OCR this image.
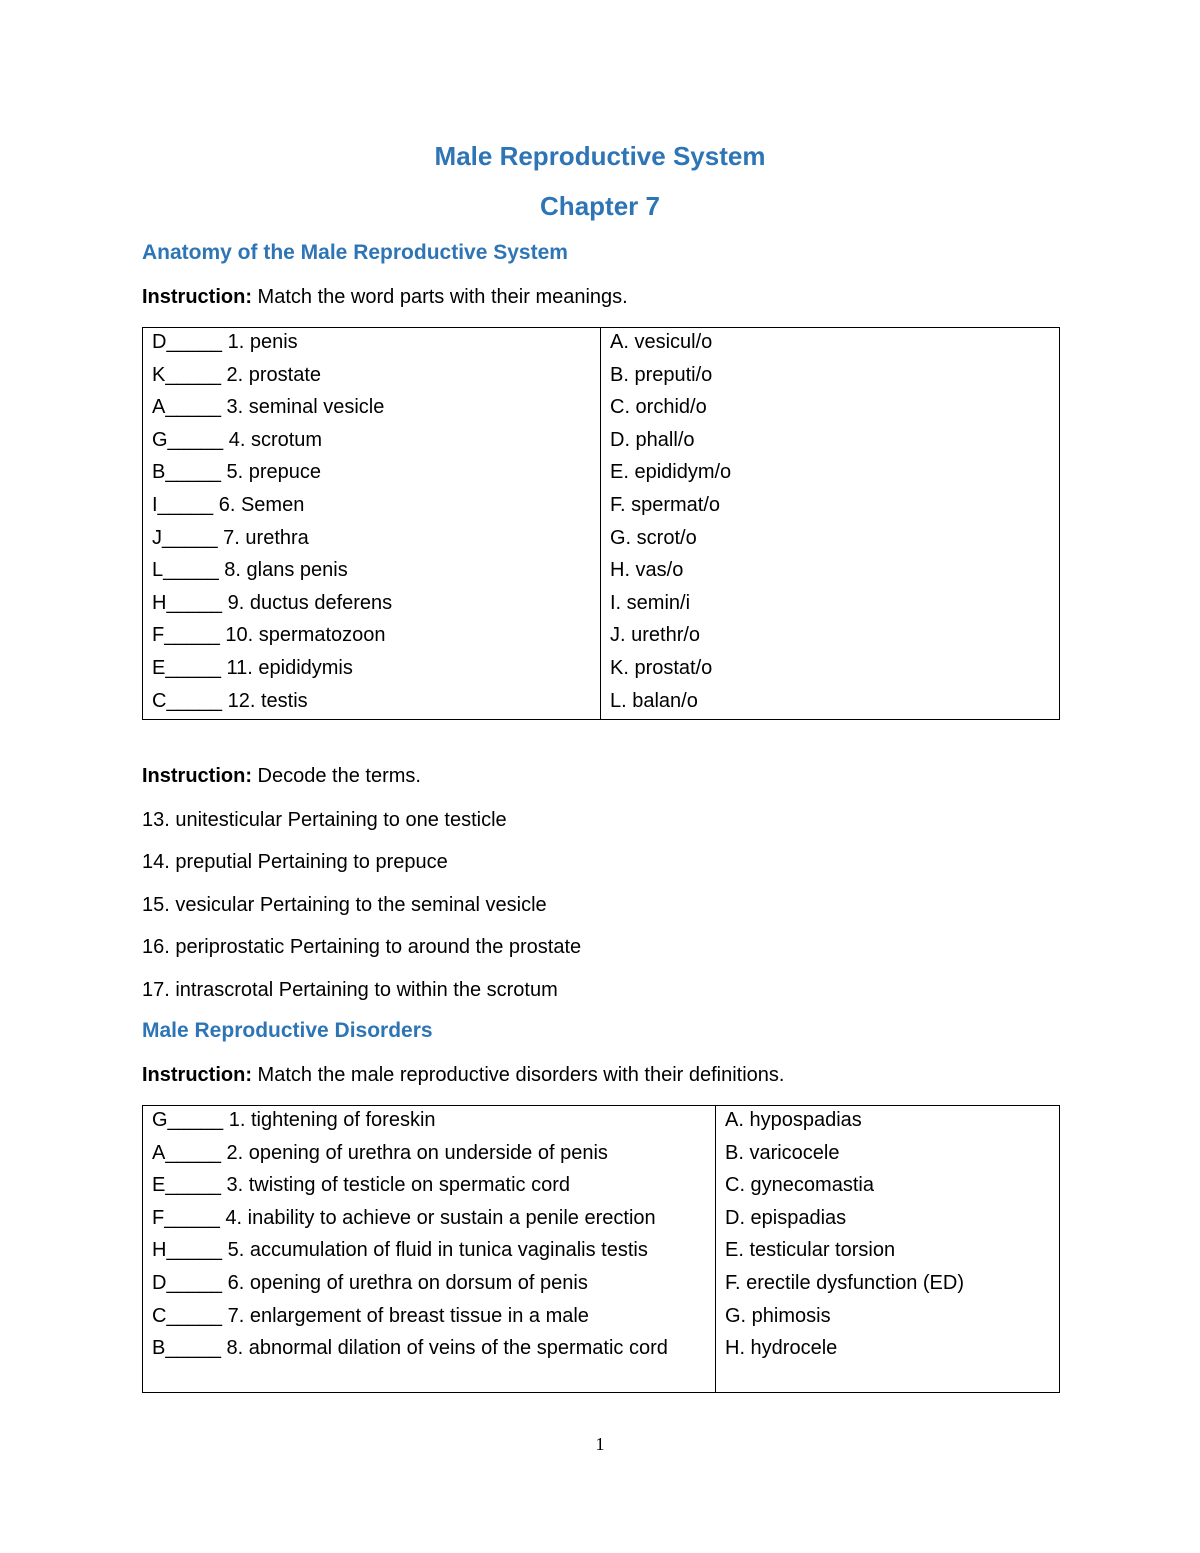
Male Reproductive System
Chapter 7
Anatomy of the Male Reproductive System

Instruction: Match the word parts with their meanings.

D_____ 1. penis
K_____ 2. prostate
A_____ 3. seminal vesicle
G_____ 4. scrotum
B_____ 5. prepuce
I_____ 6. Semen
J_____ 7. urethra
L_____ 8. glans penis
H_____ 9. ductus deferens
F_____ 10. spermatozoon
E_____ 11. epididymis
C_____ 12. testis

A. vesicul/o
B. preputi/o
C. orchid/o
D. phall/o
E. epididym/o
F. spermat/o
G. scrot/o
H. vas/o
I. semin/i
J. urethr/o
K. prostat/o
L. balan/o

Instruction: Decode the terms.

13. unitesticular Pertaining to one testicle
14. preputial Pertaining to prepuce
15. vesicular Pertaining to the seminal vesicle
16. periprostatic Pertaining to around the prostate
17. intrascrotal Pertaining to within the scrotum
Male Reproductive Disorders

Instruction: Match the male reproductive disorders with their definitions.

G_____ 1. tightening of foreskin
A_____ 2. opening of urethra on underside of penis
E_____ 3. twisting of testicle on spermatic cord
F_____ 4. inability to achieve or sustain a penile erection
H_____ 5. accumulation of fluid in tunica vaginalis testis
D_____ 6. opening of urethra on dorsum of penis
C_____ 7. enlargement of breast tissue in a male
B_____ 8. abnormal dilation of veins of the spermatic cord

A. hypospadias
B. varicocele
C. gynecomastia
D. epispadias
E. testicular torsion
F. erectile dysfunction (ED)
G. phimosis
H. hydrocele
1
